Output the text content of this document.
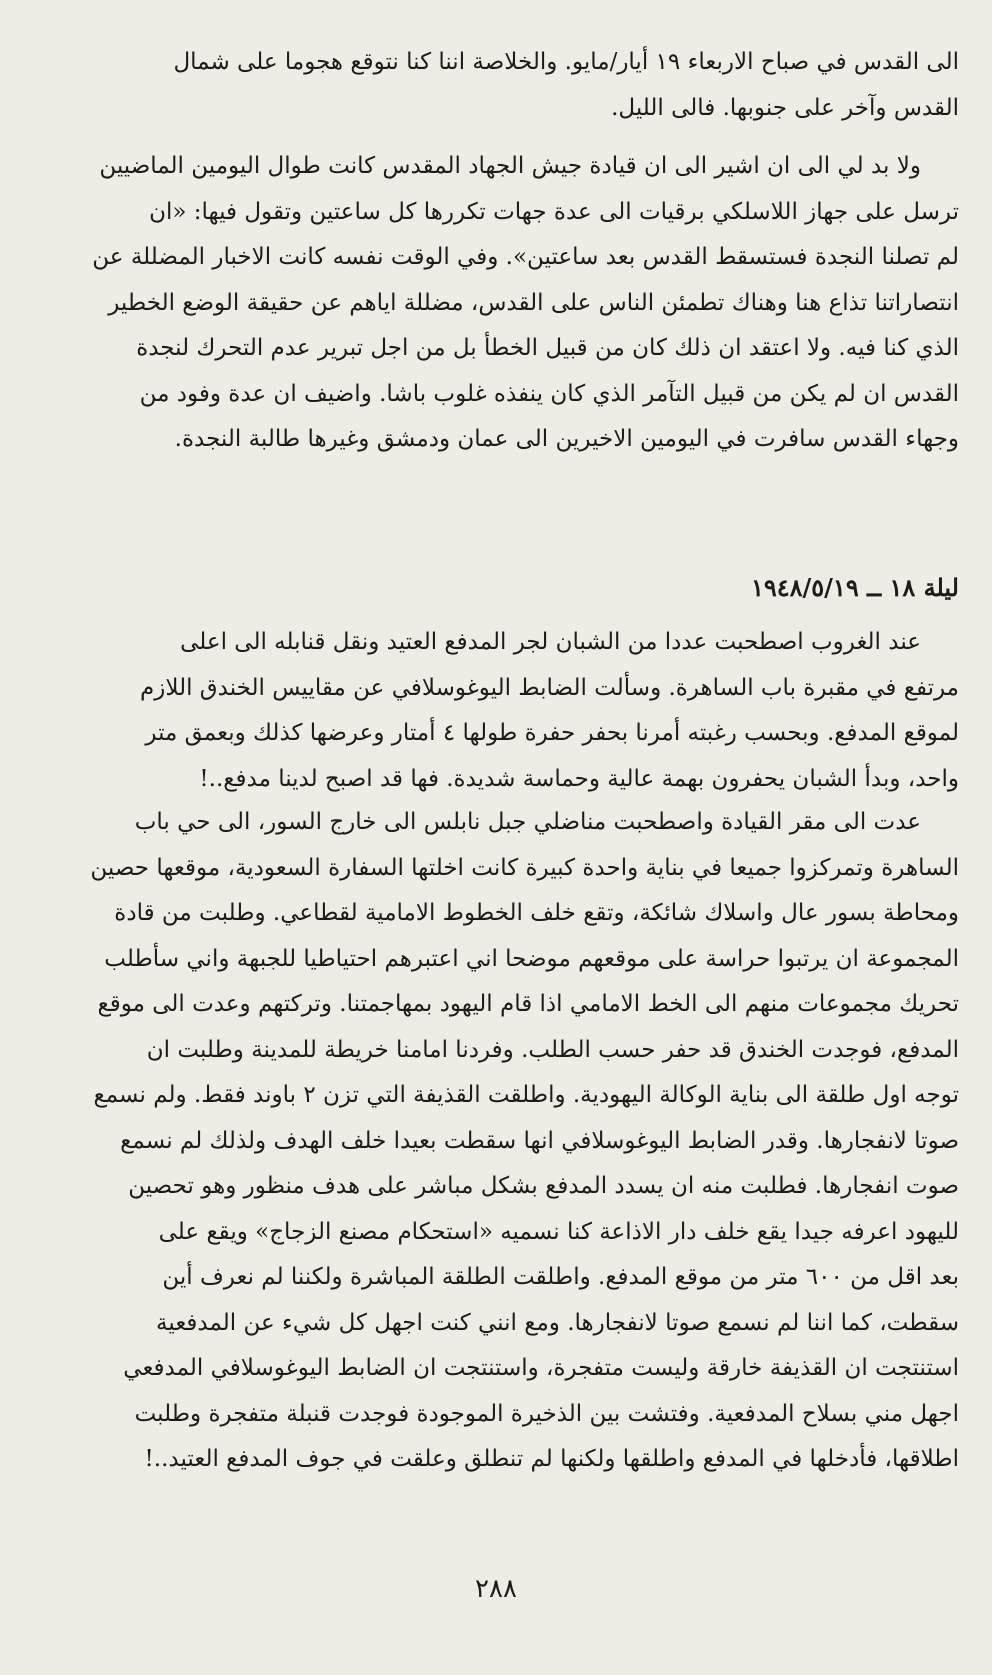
الى القدس في صباح الاربعاء ١٩ أيار/مايو. والخلاصة اننا كنا نتوقع هجوما على شمال

القدس وآخر على جنوبها. فالى الليل.

ولا بد لي الى ان اشير الى ان قيادة جيش الجهاد المقدس كانت طوال اليومين الماضيين

ترسل على جهاز اللاسلكي برقيات الى عدة جهات تكررها كل ساعتين وتقول فيها: «ان

لم تصلنا النجدة فستسقط القدس بعد ساعتين». وفي الوقت نفسه كانت الاخبار المضللة عن

انتصاراتنا تذاع هنا وهناك تطمئن الناس على القدس، مضللة اياهم عن حقيقة الوضع الخطير

الذي كنا فيه. ولا اعتقد ان ذلك كان من قبيل الخطأ بل من اجل تبرير عدم التحرك لنجدة

القدس ان لم يكن من قبيل التآمر الذي كان ينفذه غلوب باشا. واضيف ان عدة وفود من

وجهاء القدس سافرت في اليومين الاخيرين الى عمان ودمشق وغيرها طالبة النجدة.

ليلة ١٨ ــ ١٩٤٨/٥/١٩

عند الغروب اصطحبت عددا من الشبان لجر المدفع العتيد ونقل قنابله الى اعلى

مرتفع في مقبرة باب الساهرة. وسألت الضابط اليوغوسلافي عن مقاييس الخندق اللازم

لموقع المدفع. وبحسب رغبته أمرنا بحفر حفرة طولها ٤ أمتار وعرضها كذلك وبعمق متر

واحد، وبدأ الشبان يحفرون بهمة عالية وحماسة شديدة. فها قد اصبح لدينا مدفع..!

عدت الى مقر القيادة واصطحبت مناضلي جبل نابلس الى خارج السور، الى حي باب

الساهرة وتمركزوا جميعا في بناية واحدة كبيرة كانت اخلتها السفارة السعودية، موقعها حصين

ومحاطة بسور عال واسلاك شائكة، وتقع خلف الخطوط الامامية لقطاعي. وطلبت من قادة

المجموعة ان يرتبوا حراسة على موقعهم موضحا اني اعتبرهم احتياطيا للجبهة واني سأطلب

تحريك مجموعات منهم الى الخط الامامي اذا قام اليهود بمهاجمتنا. وتركتهم وعدت الى موقع

المدفع، فوجدت الخندق قد حفر حسب الطلب. وفردنا امامنا خريطة للمدينة وطلبت ان

توجه اول طلقة الى بناية الوكالة اليهودية. واطلقت القذيفة التي تزن ٢ باوند فقط. ولم نسمع

صوتا لانفجارها. وقدر الضابط اليوغوسلافي انها سقطت بعيدا خلف الهدف ولذلك لم نسمع

صوت انفجارها. فطلبت منه ان يسدد المدفع بشكل مباشر على هدف منظور وهو تحصين

لليهود اعرفه جيدا يقع خلف دار الاذاعة كنا نسميه «استحكام مصنع الزجاج» ويقع على

بعد اقل من ٦٠٠ متر من موقع المدفع. واطلقت الطلقة المباشرة ولكننا لم نعرف أين

سقطت، كما اننا لم نسمع صوتا لانفجارها. ومع انني كنت اجهل كل شيء عن المدفعية

استنتجت ان القذيفة خارقة وليست متفجرة، واستنتجت ان الضابط اليوغوسلافي المدفعي

اجهل مني بسلاح المدفعية. وفتشت بين الذخيرة الموجودة فوجدت قنبلة متفجرة وطلبت

اطلاقها، فأدخلها في المدفع واطلقها ولكنها لم تنطلق وعلقت في جوف المدفع العتيد..!

٢٨٨
